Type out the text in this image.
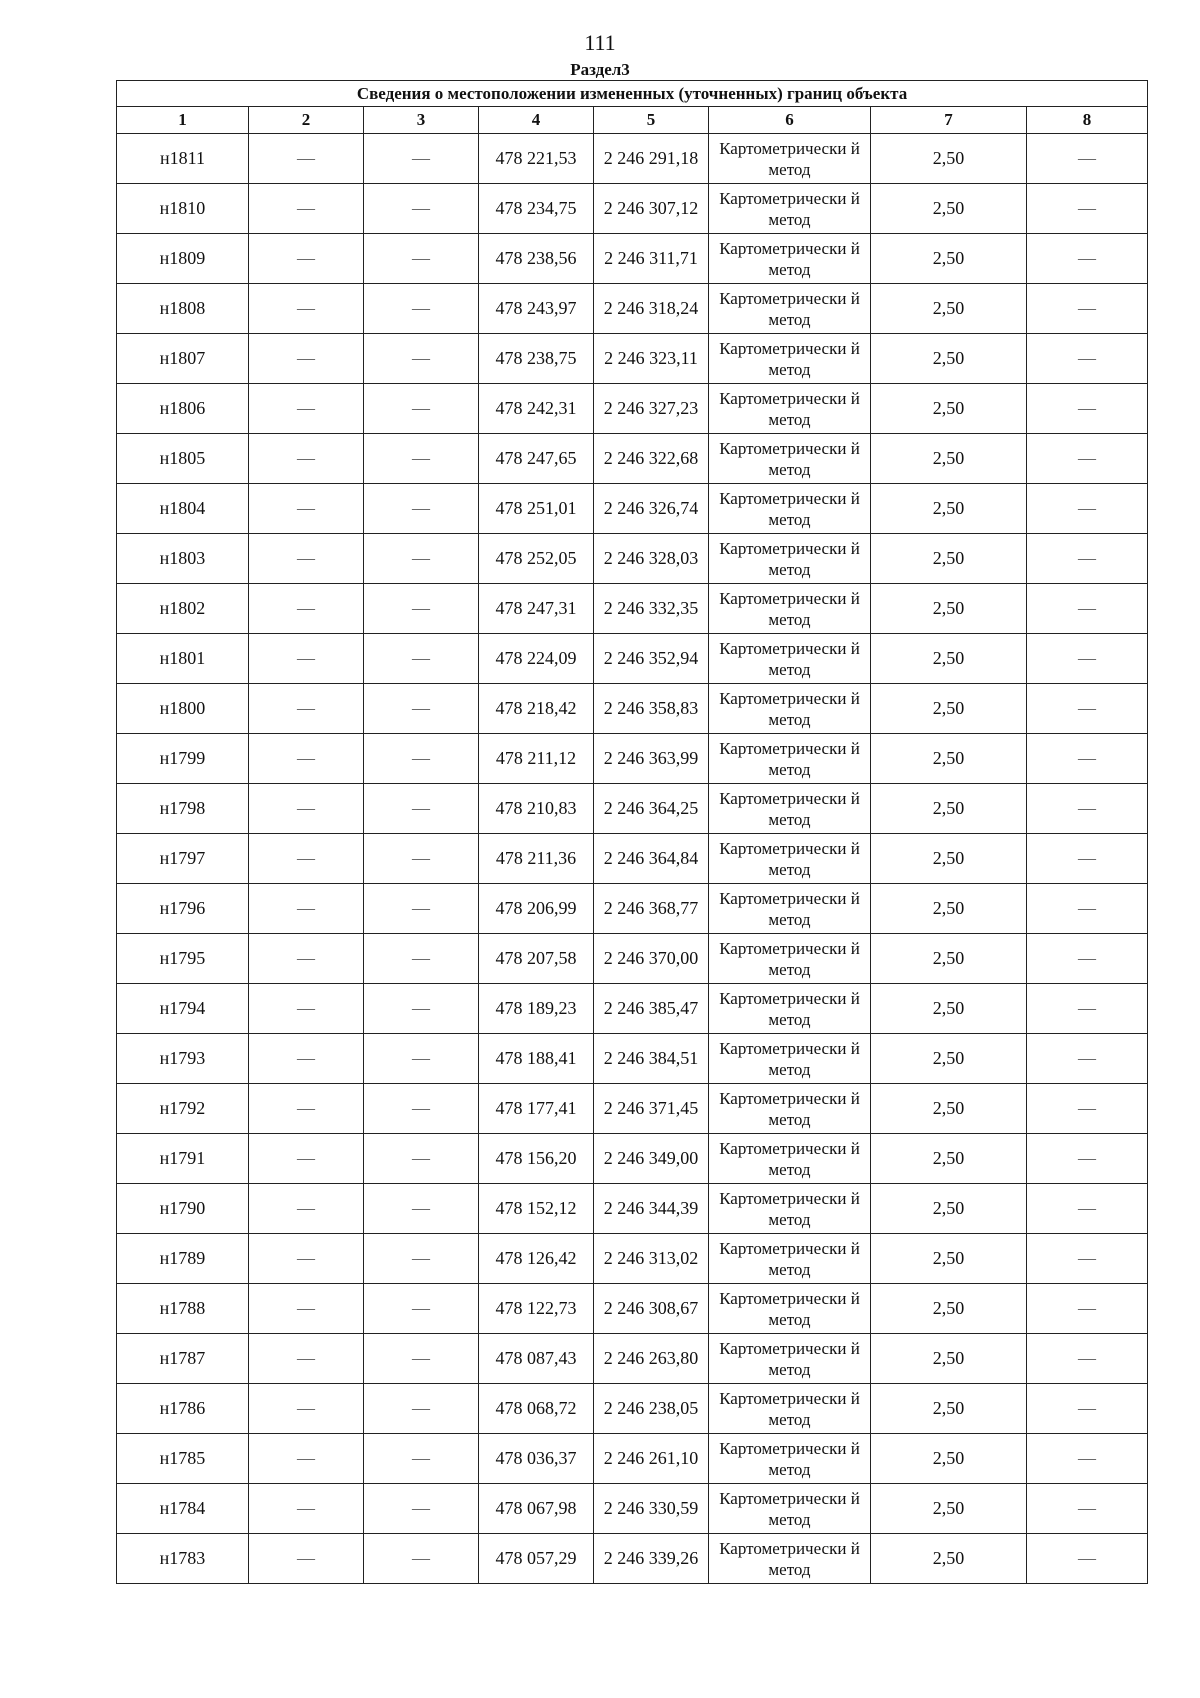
111
Раздел3
Сведения о местоположении измененных (уточненных) границ объекта							
1	2	3	4	5	6	7	8
н1811	—	—	478 221,53	2 246 291,18	Картометрически й метод	2,50	—
н1810	—	—	478 234,75	2 246 307,12	Картометрически й метод	2,50	—
н1809	—	—	478 238,56	2 246 311,71	Картометрически й метод	2,50	—
н1808	—	—	478 243,97	2 246 318,24	Картометрически й метод	2,50	—
н1807	—	—	478 238,75	2 246 323,11	Картометрически й метод	2,50	—
н1806	—	—	478 242,31	2 246 327,23	Картометрически й метод	2,50	—
н1805	—	—	478 247,65	2 246 322,68	Картометрически й метод	2,50	—
н1804	—	—	478 251,01	2 246 326,74	Картометрически й метод	2,50	—
н1803	—	—	478 252,05	2 246 328,03	Картометрически й метод	2,50	—
н1802	—	—	478 247,31	2 246 332,35	Картометрически й метод	2,50	—
н1801	—	—	478 224,09	2 246 352,94	Картометрически й метод	2,50	—
н1800	—	—	478 218,42	2 246 358,83	Картометрически й метод	2,50	—
н1799	—	—	478 211,12	2 246 363,99	Картометрически й метод	2,50	—
н1798	—	—	478 210,83	2 246 364,25	Картометрически й метод	2,50	—
н1797	—	—	478 211,36	2 246 364,84	Картометрически й метод	2,50	—
н1796	—	—	478 206,99	2 246 368,77	Картометрически й метод	2,50	—
н1795	—	—	478 207,58	2 246 370,00	Картометрически й метод	2,50	—
н1794	—	—	478 189,23	2 246 385,47	Картометрически й метод	2,50	—
н1793	—	—	478 188,41	2 246 384,51	Картометрически й метод	2,50	—
н1792	—	—	478 177,41	2 246 371,45	Картометрически й метод	2,50	—
н1791	—	—	478 156,20	2 246 349,00	Картометрически й метод	2,50	—
н1790	—	—	478 152,12	2 246 344,39	Картометрически й метод	2,50	—
н1789	—	—	478 126,42	2 246 313,02	Картометрически й метод	2,50	—
н1788	—	—	478 122,73	2 246 308,67	Картометрически й метод	2,50	—
н1787	—	—	478 087,43	2 246 263,80	Картометрически й метод	2,50	—
н1786	—	—	478 068,72	2 246 238,05	Картометрически й метод	2,50	—
н1785	—	—	478 036,37	2 246 261,10	Картометрически й метод	2,50	—
н1784	—	—	478 067,98	2 246 330,59	Картометрически й метод	2,50	—
н1783	—	—	478 057,29	2 246 339,26	Картометрически й метод	2,50	—
